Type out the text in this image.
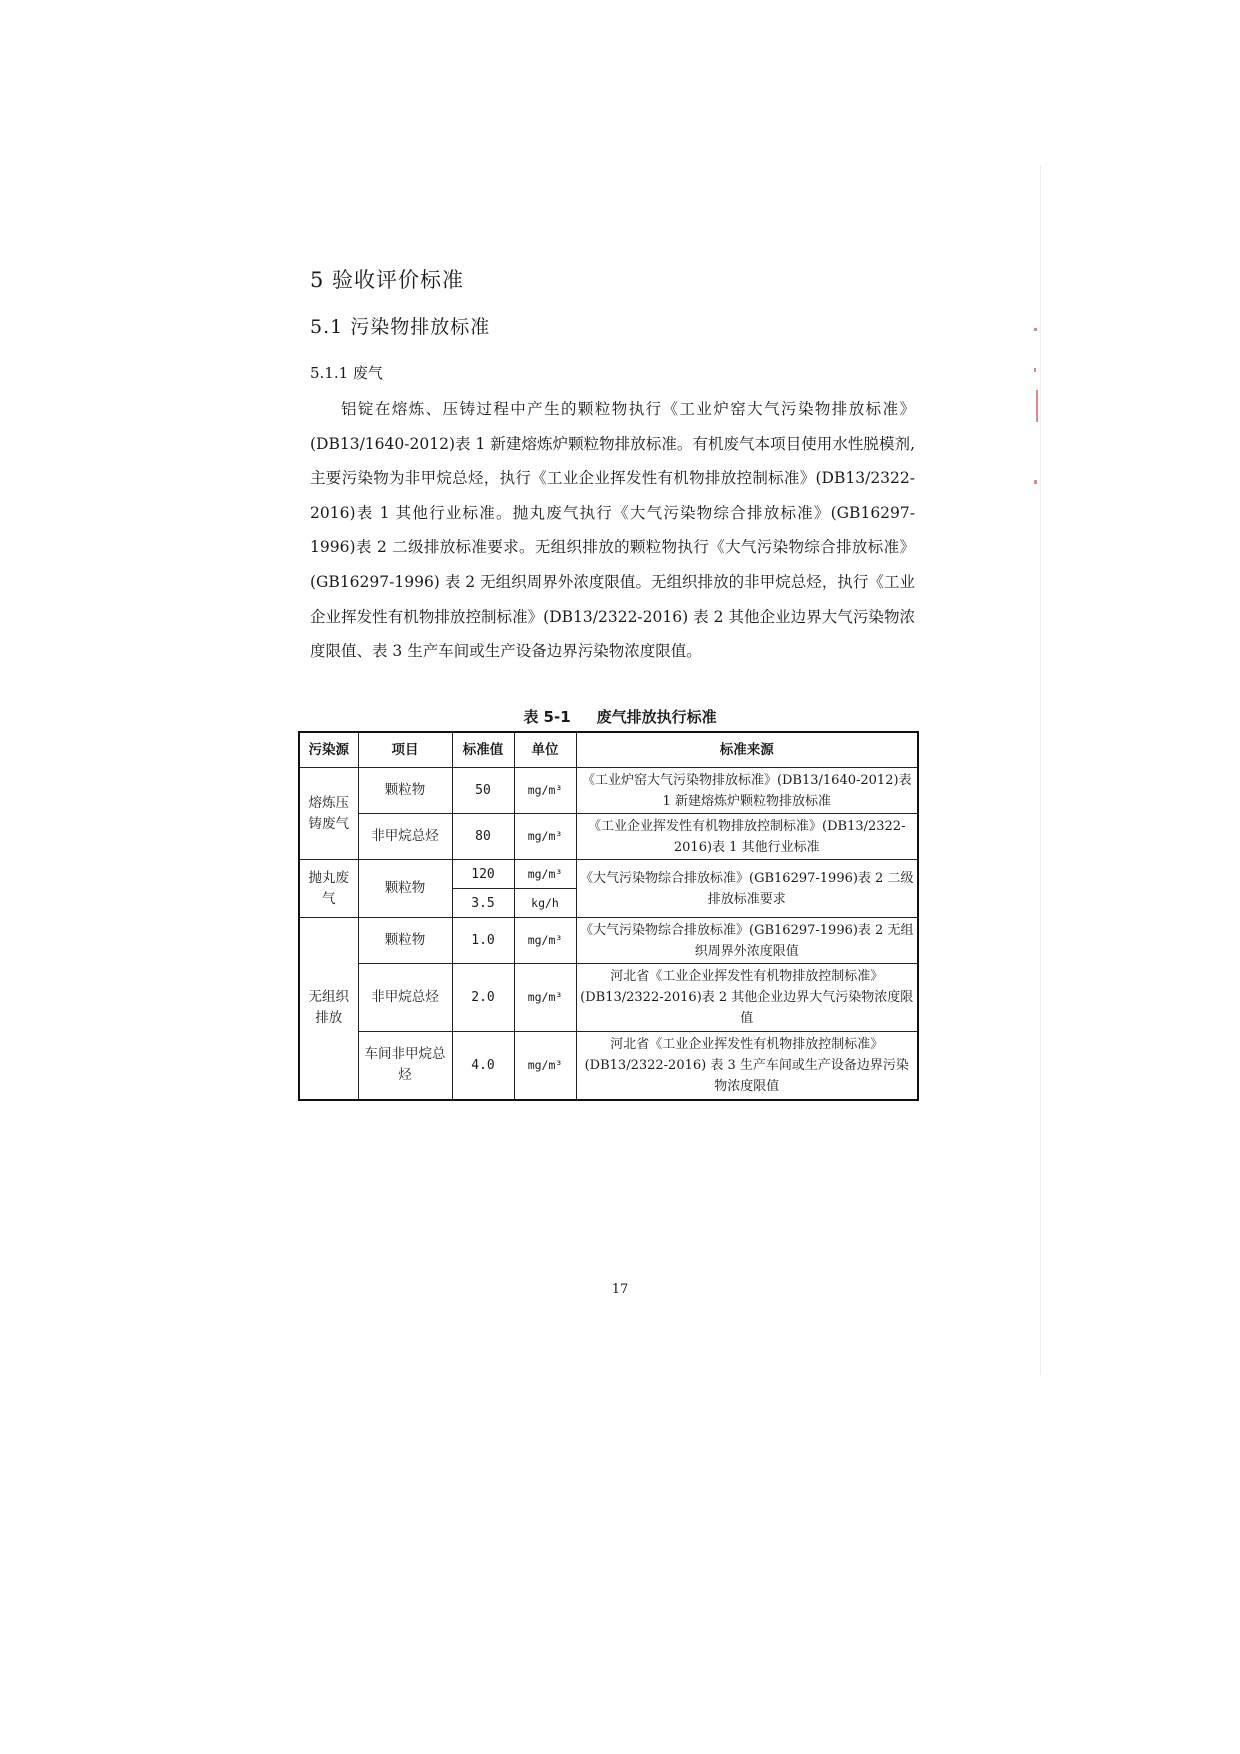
5 验收评价标准
5.1 污染物排放标准
5.1.1 废气

铝锭在熔炼、压铸过程中产生的颗粒物执行《工业炉窑大气污染物排放标准》(DB13/1640-2012)表 1 新建熔炼炉颗粒物排放标准。有机废气本项目使用水性脱模剂,主要污染物为非甲烷总烃，执行《工业企业挥发性有机物排放控制标准》(DB13/2322-2016)表 1 其他行业标准。抛丸废气执行《大气污染物综合排放标准》(GB16297-1996)表 2 二级排放标准要求。无组织排放的颗粒物执行《大气污染物综合排放标准》(GB16297-1996) 表 2 无组织周界外浓度限值。无组织排放的非甲烷总烃，执行《工业企业挥发性有机物排放控制标准》(DB13/2322-2016) 表 2 其他企业边界大气污染物浓度限值、表 3 生产车间或生产设备边界污染物浓度限值。

表 5-1 废气排放执行标准
污染源	项目	标准值	单位	标准来源
熔炼压铸废气	颗粒物	50	mg/m³	《工业炉窑大气污染物排放标准》(DB13/1640-2012)表 1 新建熔炼炉颗粒物排放标准
	非甲烷总烃	80	mg/m³	《工业企业挥发性有机物排放控制标准》(DB13/2322-2016)表 1 其他行业标准
抛丸废气	颗粒物	120	mg/m³	《大气污染物综合排放标准》(GB16297-1996)表 2 二级排放标准要求
		3.5	kg/h	
无组织排放	颗粒物	1.0	mg/m³	《大气污染物综合排放标准》(GB16297-1996)表 2 无组织周界外浓度限值
	非甲烷总烃	2.0	mg/m³	河北省《工业企业挥发性有机物排放控制标准》(DB13/2322-2016)表 2 其他企业边界大气污染物浓度限值
	车间非甲烷总烃	4.0	mg/m³	河北省《工业企业挥发性有机物排放控制标准》(DB13/2322-2016) 表 3 生产车间或生产设备边界污染物浓度限值
17
